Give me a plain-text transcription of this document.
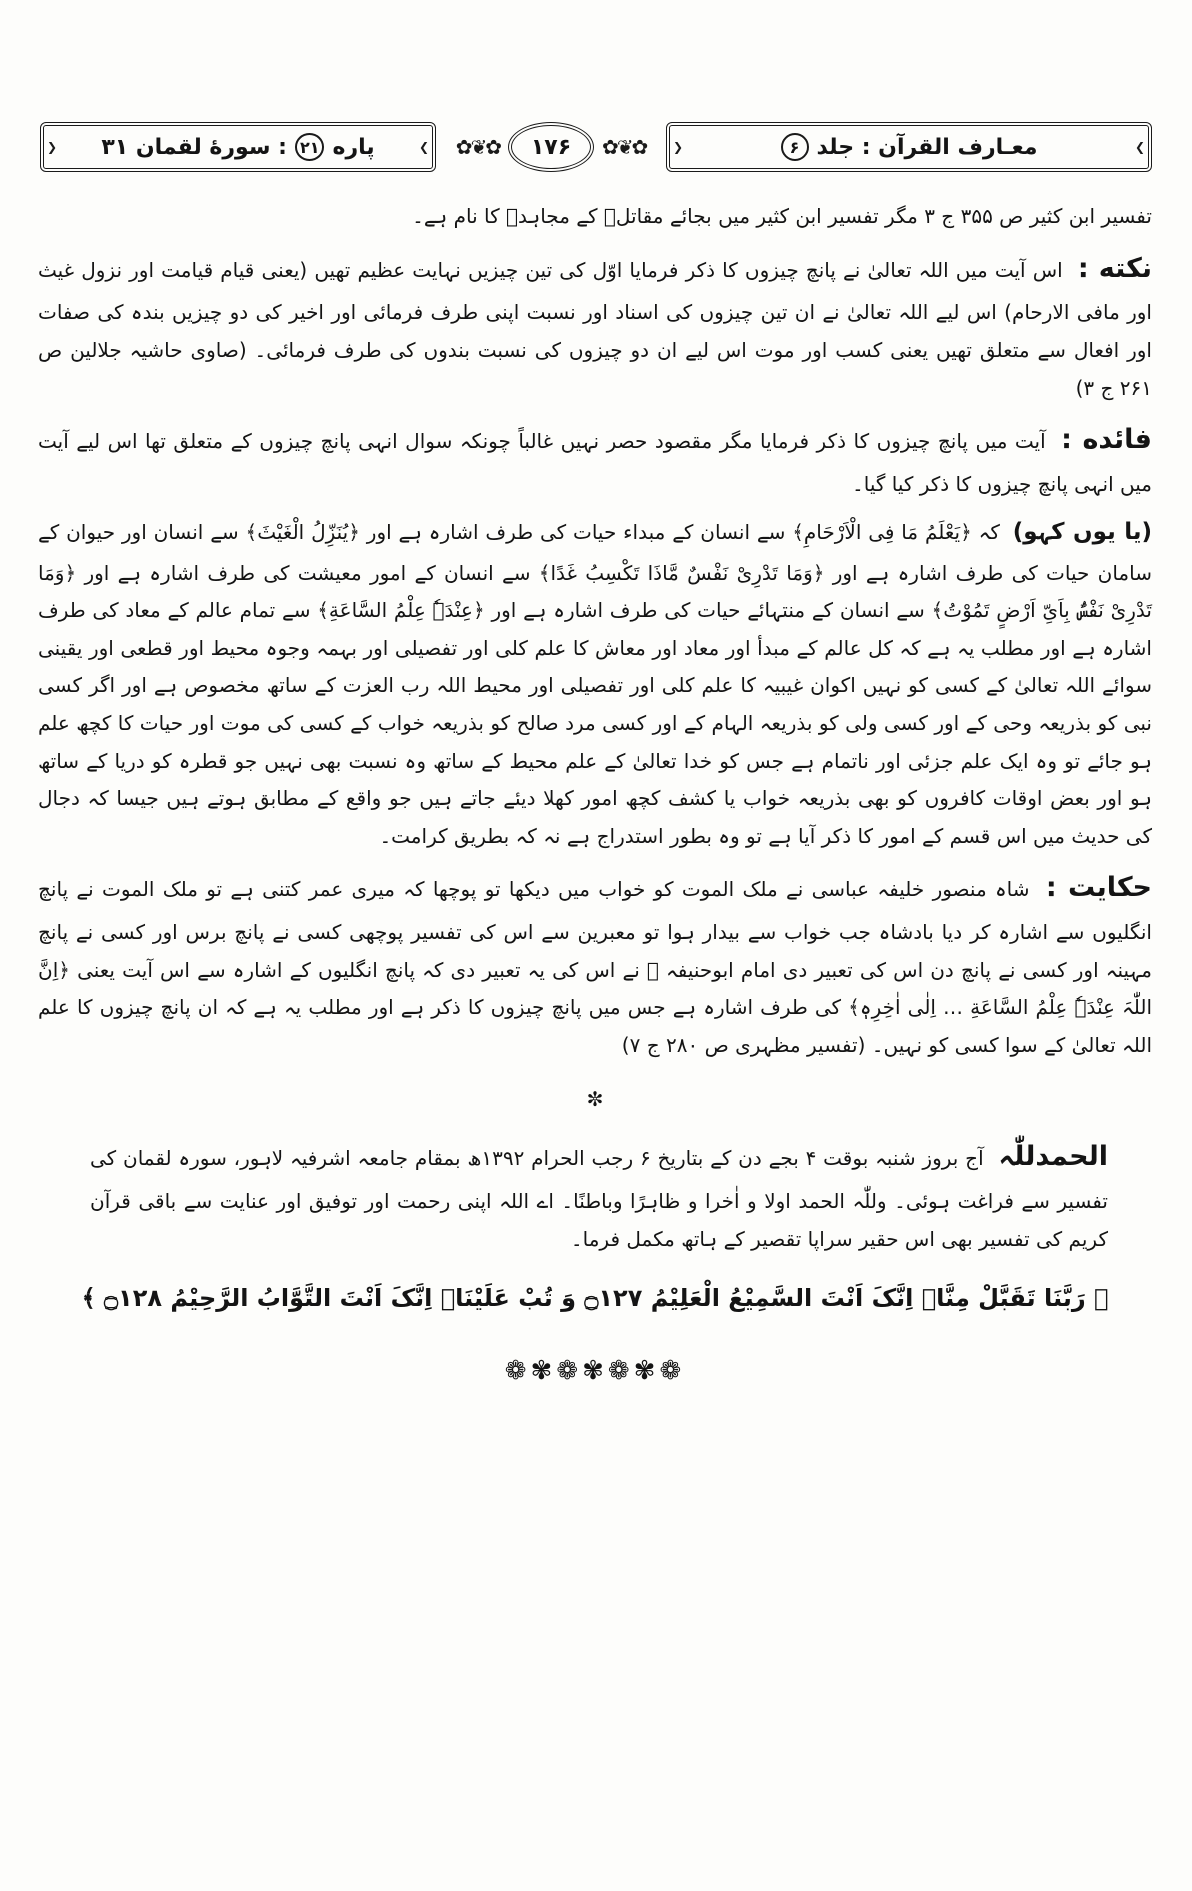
❯ معـارف القرآن : جلد
۶
❮
✿❦✿
۱۷۶
✿❦✿
❯ پاره
۲۱
: سورهٔ لقمان ۳۱
❮
تفسیر ابن کثیر ص ۳۵۵ ج ۳ مگر تفسیر ابن کثیر میں بجائے مقاتلؒ کے مجاہدؒ کا نام ہے۔
نکته : اس آیت میں اللہ تعالیٰ نے پانچ چیزوں کا ذکر فرمایا اوّل کی تین چیزیں نہایت عظیم تھیں (یعنی قیام قیامت اور نزول غیث اور مافی الارحام) اس لیے اللہ تعالیٰ نے ان تین چیزوں کی اسناد اور نسبت اپنی طرف فرمائی اور اخیر کی دو چیزیں بندہ کی صفات اور افعال سے متعلق تھیں یعنی کسب اور موت اس لیے ان دو چیزوں کی نسبت بندوں کی طرف فرمائی۔ (صاوی حاشیہ جلالین ص ۲۶۱ ج ۳)
فائده : آیت میں پانچ چیزوں کا ذکر فرمایا مگر مقصود حصر نہیں غالباً چونکہ سوال انہی پانچ چیزوں کے متعلق تھا اس لیے آیت میں انہی پانچ چیزوں کا ذکر کیا گیا۔
(یا یوں کہو) کہ ﴿یَعْلَمُ مَا فِی الْاَرْحَامِ﴾ سے انسان کے مبداء حیات کی طرف اشارہ ہے اور ﴿یُنَزِّلُ الْغَیْثَ﴾ سے انسان اور حیوان کے سامان حیات کی طرف اشارہ ہے اور ﴿وَمَا تَدْرِیْ نَفْسٌ مَّاذَا تَکْسِبُ غَدًا﴾ سے انسان کے امور معیشت کی طرف اشارہ ہے اور ﴿وَمَا تَدْرِیْ نَفْسٌۢ بِاَیِّ اَرْضٍ تَمُوْتُ﴾ سے انسان کے منتہائے حیات کی طرف اشارہ ہے اور ﴿عِنْدَہٗ عِلْمُ السَّاعَةِ﴾ سے تمام عالم کے معاد کی طرف اشارہ ہے اور مطلب یہ ہے کہ کل عالم کے مبدأ اور معاد اور معاش کا علم کلی اور تفصیلی اور بہمہ وجوہ محیط اور قطعی اور یقینی سوائے اللہ تعالیٰ کے کسی کو نہیں اکوان غیبیہ کا علم کلی اور تفصیلی اور محیط اللہ رب العزت کے ساتھ مخصوص ہے اور اگر کسی نبی کو بذریعہ وحی کے اور کسی ولی کو بذریعہ الہام کے اور کسی مرد صالح کو بذریعہ خواب کے کسی کی موت اور حیات کا کچھ علم ہو جائے تو وہ ایک علم جزئی اور ناتمام ہے جس کو خدا تعالیٰ کے علم محیط کے ساتھ وہ نسبت بھی نہیں جو قطرہ کو دریا کے ساتھ ہو اور بعض اوقات کافروں کو بھی بذریعہ خواب یا کشف کچھ امور کھلا دیئے جاتے ہیں جو واقع کے مطابق ہوتے ہیں جیسا کہ دجال کی حدیث میں اس قسم کے امور کا ذکر آیا ہے تو وہ بطور استدراج ہے نہ کہ بطریق کرامت۔
حکایت : شاہ منصور خلیفہ عباسی نے ملک الموت کو خواب میں دیکھا تو پوچھا کہ میری عمر کتنی ہے تو ملک الموت نے پانچ انگلیوں سے اشارہ کر دیا بادشاہ جب خواب سے بیدار ہوا تو معبرین سے اس کی تفسیر پوچھی کسی نے پانچ برس اور کسی نے پانچ مہینہ اور کسی نے پانچ دن اس کی تعبیر دی امام ابوحنیفہ ؒ نے اس کی یہ تعبیر دی کہ پانچ انگلیوں کے اشارہ سے اس آیت یعنی ﴿اِنَّ اللّٰہَ عِنْدَہٗ عِلْمُ السَّاعَةِ … اِلٰی اٰخِرِہٖ﴾ کی طرف اشارہ ہے جس میں پانچ چیزوں کا ذکر ہے اور مطلب یہ ہے کہ ان پانچ چیزوں کا علم اللہ تعالیٰ کے سوا کسی کو نہیں۔ (تفسیر مظہری ص ۲۸۰ ج ۷)
✼
الحمدللّٰہ آج بروز شنبہ بوقت ۴ بجے دن کے بتاریخ ۶ رجب الحرام ۱۳۹۲ھ بمقام جامعہ اشرفیہ لاہور، سورہ لقمان کی تفسیر سے فراغت ہوئی۔ وللّٰہ الحمد اولا و اٰخرا و ظاہرًا وباطنًا۔ اے اللہ اپنی رحمت اور توفیق اور عنایت سے باقی قرآن کریم کی تفسیر بھی اس حقیر سراپا تقصیر کے ہاتھ مکمل فرما۔
﴿ رَبَّنَا تَقَبَّلْ مِنَّاۤ اِنَّکَ اَنْتَ السَّمِیْعُ الْعَلِیْمُ ۝۱۲۷ وَ تُبْ عَلَیْنَاۤ اِنَّکَ اَنْتَ التَّوَّابُ الرَّحِیْمُ ۝۱۲۸ ﴾
❁✾❁✾❁✾❁
